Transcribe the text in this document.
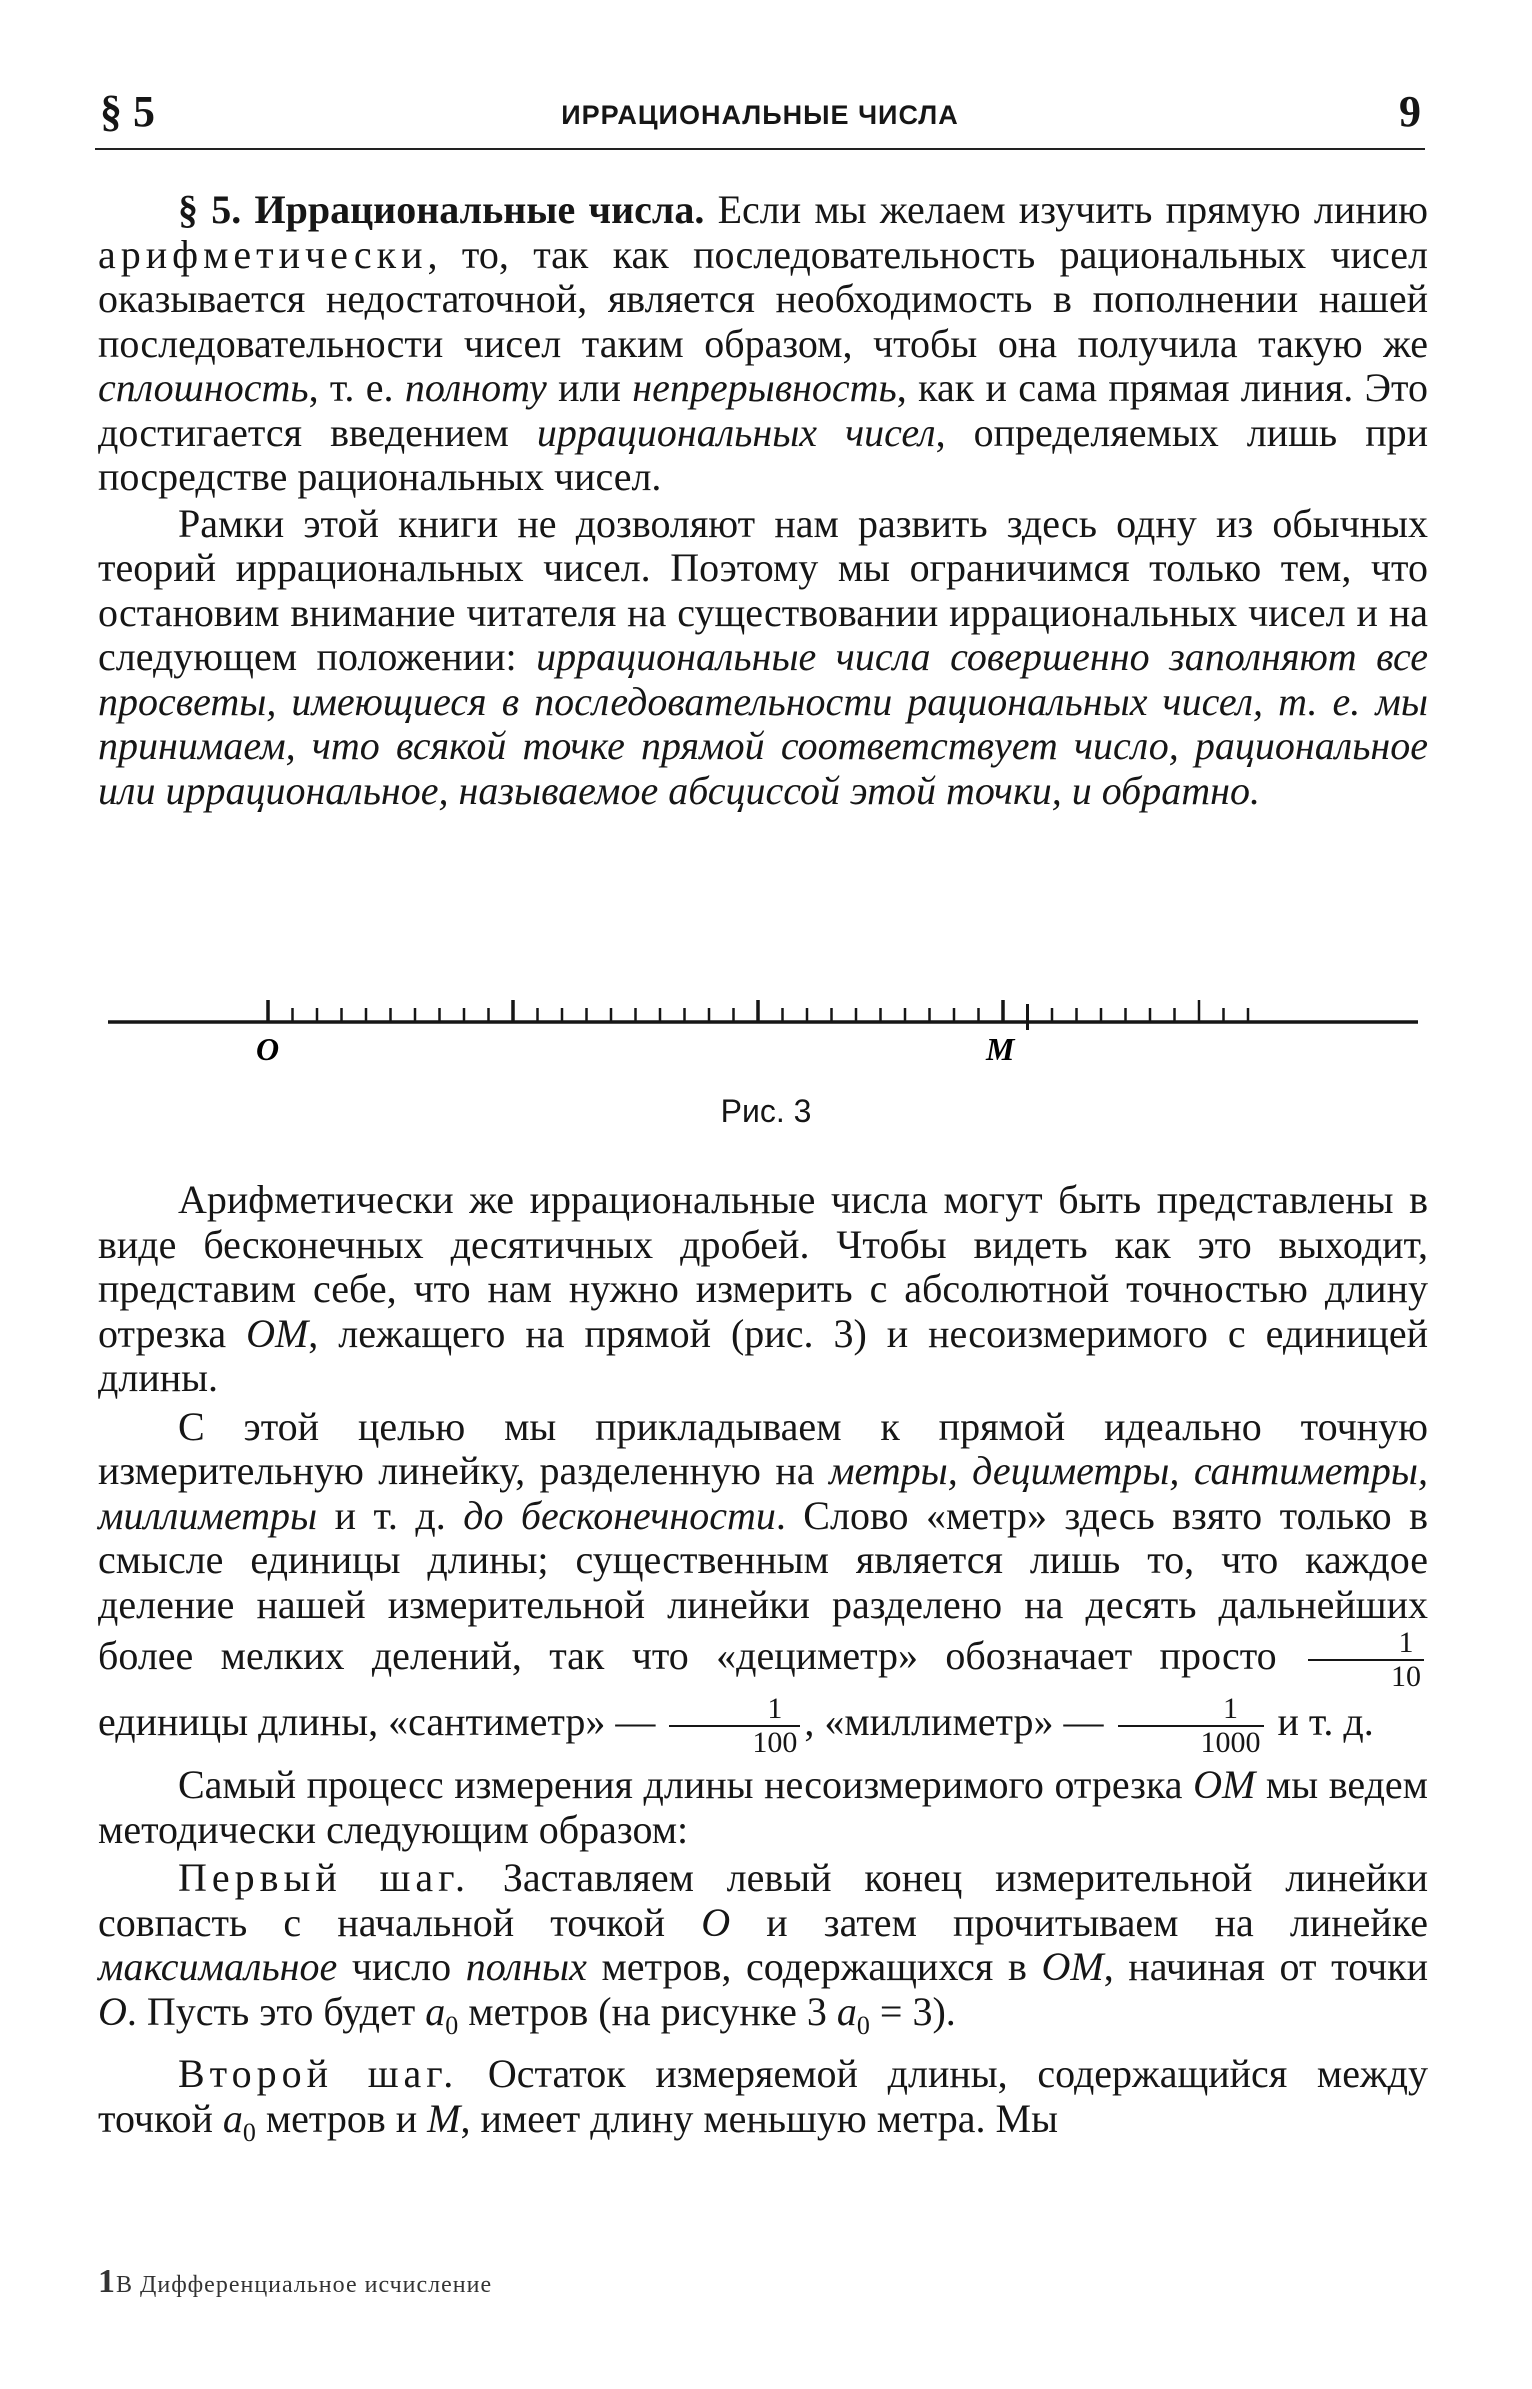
§ 5	ИРРАЦИОНАЛЬНЫЕ ЧИСЛА	9

§ 5. Иррациональные числа. Если мы желаем изучить прямую линию арифметически, то, так как последовательность рациональных чисел оказывается недостаточной, является необходимость в пополнении нашей последовательности чисел таким образом, чтобы она получила такую же сплошность, т. е. полноту или непрерывность, как и сама прямая линия. Это достигается введением иррациональных чисел, определяемых лишь при посредстве рациональных чисел.

Рамки этой книги не дозволяют нам развить здесь одну из обычных теорий иррациональных чисел. Поэтому мы ограничимся только тем, что остановим внимание читателя на существовании иррациональных чисел и на следующем положении: иррациональные числа совершенно заполняют все просветы, имеющиеся в последовательности рациональных чисел, т. е. мы принимаем, что всякой точке прямой соответствует число, рациональное или иррациональное, называемое абсциссой этой точки, и обратно.

O	M
Рис. 3

Арифметически же иррациональные числа могут быть представлены в виде бесконечных десятичных дробей. Чтобы видеть как это выходит, представим себе, что нам нужно измерить с абсолютной точностью длину отрезка OM, лежащего на прямой (рис. 3) и несоизмеримого с единицей длины.

С этой целью мы прикладываем к прямой идеально точную измерительную линейку, разделенную на метры, дециметры, сантиметры, миллиметры и т. д. до бесконечности. Слово «метр» здесь взято только в смысле единицы длины; существенным является лишь то, что каждое деление нашей измерительной линейки разделено на десять дальнейших более мелких делений, так что «дециметр» обозначает просто $\frac{1}{10}$
единицы длины, «сантиметр» — $\frac{1}{100}$ , «миллиметр» — $\frac{1}{1000}$ и т. д.

Самый процесс измерения длины несоизмеримого отрезка OM мы ведем методически следующим образом:

Первый шаг. Заставляем левый конец измерительной линейки совпасть с начальной точкой O и затем прочитываем на линейке максимальное число полных метров, содержащихся в OM, начиная от точки O. Пусть это будет $a_0$ метров (на рисунке 3 $a_0 = 3$).

Второй шаг. Остаток измеряемой длины, содержащийся между точкой $a_0$ метров и M, имеет длину меньшую метра. Мы

1В Дифференциальное исчисление
